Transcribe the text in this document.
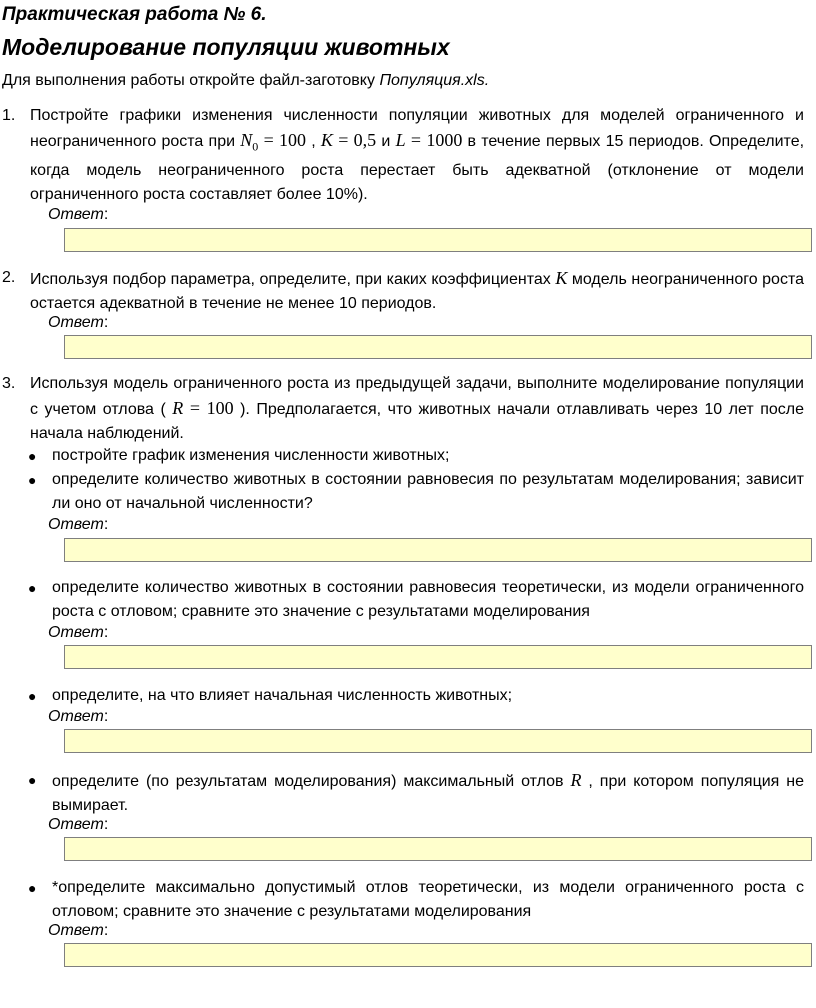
Практическая работа № 6.
Моделирование популяции животных
Для выполнения работы откройте файл-заготовку Популяция.xls.
1. Постройте графики изменения численности популяции животных для моделей ограниченного и неограниченного роста при $N_0 = 100$ , K = 0,5 и L = 1000 в течение первых 15 периодов. Определите, когда модель неограниченного роста перестает быть адекватной (отклонение от модели ограниченного роста составляет более 10%).
Ответ:
2. Используя подбор параметра, определите, при каких коэффициентах K модель неограниченного роста остается адекватной в течение не менее 10 периодов.
Ответ:
3. Используя модель ограниченного роста из предыдущей задачи, выполните моделирование популяции с учетом отлова ( R = 100 ). Предполагается, что животных начали отлавливать через 10 лет после начала наблюдений.
● постройте график изменения численности животных;
● определите количество животных в состоянии равновесия по результатам моделирования; зависит ли оно от начальной численности?
Ответ:
● определите количество животных в состоянии равновесия теоретически, из модели ограниченного роста с отловом; сравните это значение с результатами моделирования
Ответ:
● определите, на что влияет начальная численность животных;
Ответ:
● определите (по результатам моделирования) максимальный отлов R , при котором популяция не вымирает.
Ответ:
● *определите максимально допустимый отлов теоретически, из модели ограниченного роста с отловом; сравните это значение с результатами моделирования
Ответ:
